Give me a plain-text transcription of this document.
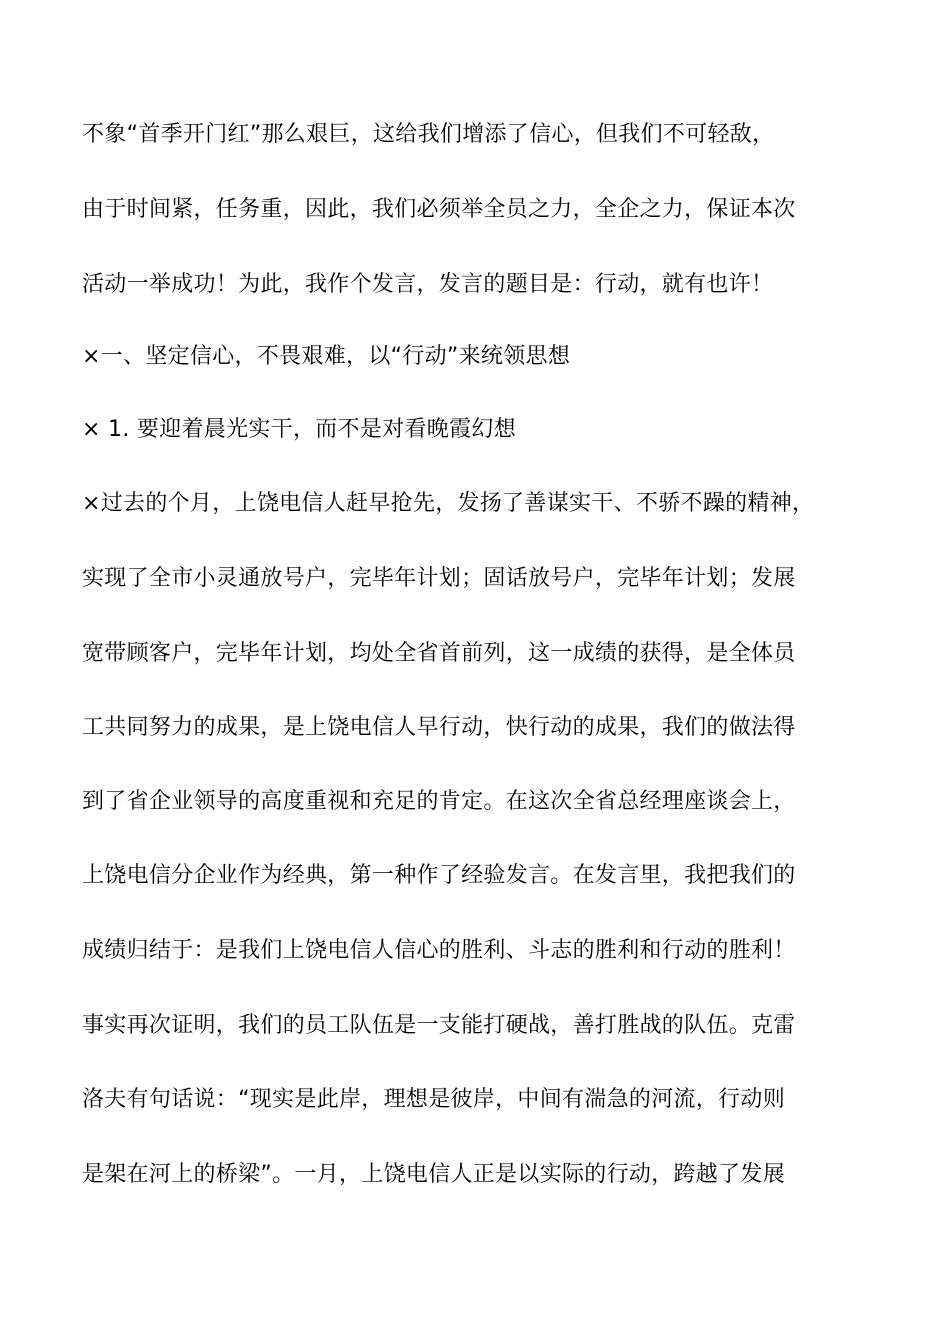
不象“首季开门红”那么艰巨，这给我们增添了信心，但我们不可轻敌，
由于时间紧，任务重，因此，我们必须举全员之力，全企之力，保证本次
活动一举成功！为此，我作个发言，发言的题目是：行动，就有也许！
×一、坚定信心，不畏艰难，以“行动”来统领思想
× 1. 要迎着晨光实干，而不是对看晚霞幻想
×过去的个月，上饶电信人赶早抢先，发扬了善谋实干、不骄不躁的精神，
实现了全市小灵通放号户，完毕年计划；固话放号户，完毕年计划；发展
宽带顾客户，完毕年计划，均处全省首前列，这一成绩的获得，是全体员
工共同努力的成果，是上饶电信人早行动，快行动的成果，我们的做法得
到了省企业领导的高度重视和充足的肯定。在这次全省总经理座谈会上，
上饶电信分企业作为经典，第一种作了经验发言。在发言里，我把我们的
成绩归结于：是我们上饶电信人信心的胜利、斗志的胜利和行动的胜利！
事实再次证明，我们的员工队伍是一支能打硬战，善打胜战的队伍。克雷
洛夫有句话说：“现实是此岸，理想是彼岸，中间有湍急的河流，行动则
是架在河上的桥梁”。一月，上饶电信人正是以实际的行动，跨越了发展
